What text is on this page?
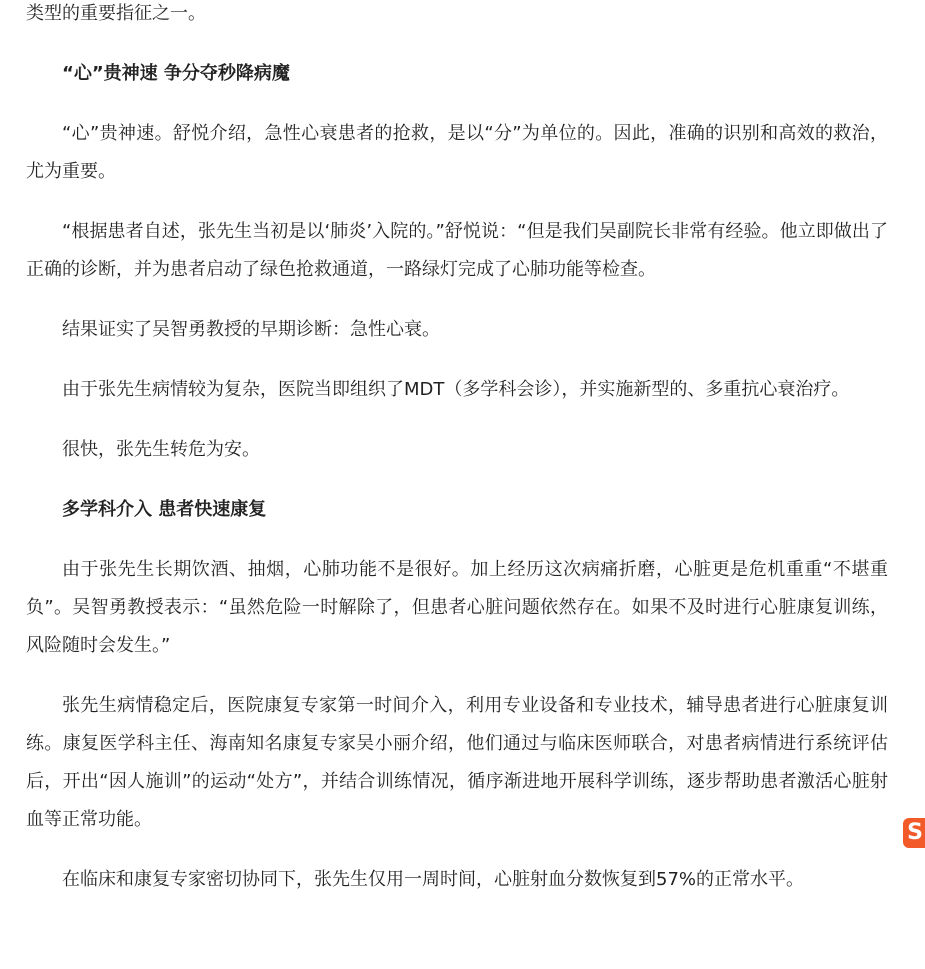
类型的重要指征之一。

“心”贵神速 争分夺秒降病魔

“心”贵神速。舒悦介绍，急性心衰患者的抢救，是以“分”为单位的。因此，准确的识别和高效的救治，尤为重要。

“根据患者自述，张先生当初是以‘肺炎’入院的。”舒悦说：“但是我们吴副院长非常有经验。他立即做出了正确的诊断，并为患者启动了绿色抢救通道，一路绿灯完成了心肺功能等检查。

结果证实了吴智勇教授的早期诊断：急性心衰。

由于张先生病情较为复杂，医院当即组织了MDT（多学科会诊），并实施新型的、多重抗心衰治疗。

很快，张先生转危为安。

多学科介入 患者快速康复

由于张先生长期饮酒、抽烟，心肺功能不是很好。加上经历这次病痛折磨，心脏更是危机重重“不堪重负”。吴智勇教授表示：“虽然危险一时解除了，但患者心脏问题依然存在。如果不及时进行心脏康复训练，风险随时会发生。”

张先生病情稳定后，医院康复专家第一时间介入，利用专业设备和专业技术，辅导患者进行心脏康复训练。康复医学科主任、海南知名康复专家吴小丽介绍，他们通过与临床医师联合，对患者病情进行系统评估后，开出“因人施训”的运动“处方”，并结合训练情况，循序渐进地开展科学训练，逐步帮助患者激活心脏射血等正常功能。

在临床和康复专家密切协同下，张先生仅用一周时间，心脏射血分数恢复到57%的正常水平。

S
